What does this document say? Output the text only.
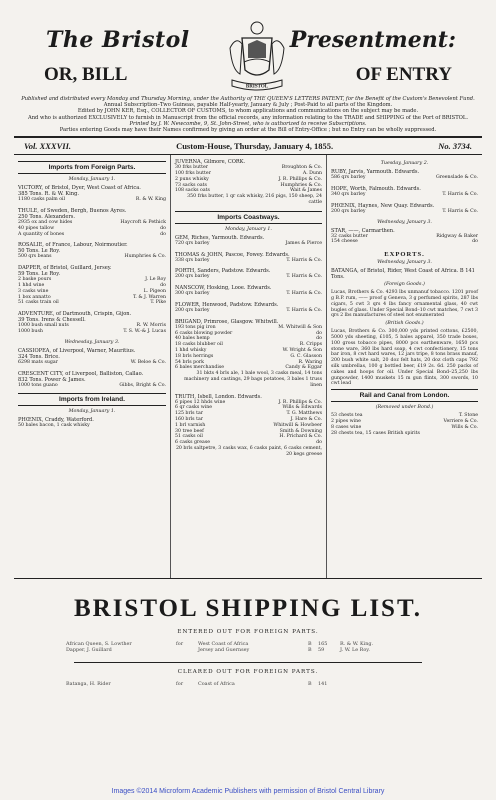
The Bristol	Presentment:
OR, BILL	OF ENTRY
BRISTOL
Published and distributed every Monday and Thursday Morning, under the Authority of THE QUEEN'S LETTERS PATENT, for the Benefit of the Custom's Benevolent Fund.
Annual Subscription–Two Guineas, payable Half-yearly, January & July ; Post-Paid to all parts of the Kingdom.
Edited by JOHN KER, Esq., COLLECTOR OF CUSTOMS, to whom applications and communications on the subject may be made.
And who is authorized EXCLUSIVELY to furnish in Manuscript from the official records, any information relating to the TRADE and SHIPPING of the Port of BRISTOL.
Printed by J. W. Newcombe, 9, St. John-Street, who is authorized to receive Subscriptions.
Parties entering Goods may have their Names confirmed by giving an order at the Bill of Entry-Office ; but no Entry can be wholly suppressed.
Vol. XXXVII.	Custom-House, Thursday, January 4, 1855.	No. 3734.
Imports from Foreign Parts.
Monday, January 1.
VICTORY, of Bristol, Dyer, West Coast of Africa.
385 Tons. R. & W. King.
1180 casks palm oil	R. & W. King
THULE, of Sweden, Bergh, Buenos Ayres.
250 Tons. Alexanders.
2935 ox and cow hides	Haycroft & Pethick
40 pipes tallow	do
A quantity of bones	do
ROSALIE, of France, Labour, Noirmoutier.
50 Tons. Le Roy.
500 qrs beans	Humphries & Co.
DAPPER, of Bristol, Guillard, Jersey.
59 Tons. Le Roy.
2 baske pours	J. Le Roy
1 hhd wine	do
3 casks wine	L. Pigeon
1 box annatto	T. & J. Warren
51 casks train oil	T. Pike
ADVENTURE, of Dartmouth, Crispin, Gijon.
39 Tons. Irens & Chessell.
1000 bush small nuts	R. W. Morris
1000 bush	T. S. W.-& J. Lucas
Wednesday, January 3.
CASSIOPEA, of Liverpool, Warner, Mauritius.
324 Tons. Brice.
6298 mats sugar	W. Beloe & Co.
CRESCENT CITY, of Liverpool, Balliston, Callao.
832 Tons. Power & James.
1000 tons guano	Gibbs, Bright & Co.
Imports from Ireland.
Monday, January 1.
PHŒNIX, Craddy, Waterford.
50 bales bacon, 1 cask whisky
JUVERNA, Gilmore, CORK.
30 frks butter	Broughton & Co.
100 frks butter	A. Dunn
2 puns whisky	J. R. Phillips & Co.
73 sacks oats	Humphries & Co.
108 sacks oats	Wait & James
350 frks butter, 1 qr cak whisky, 216 pigs, 150 sheep, 24 cattle
Imports Coastways.
Monday, January 1.
GEM, Riches, Yarmouth. Edwards.
720 qrs barley	James & Pierce
THOMAS & JOHN, Pascoe, Fowey. Edwards.
338 qrs barley	T. Harris & Co.
PORTH, Sanders, Padstow. Edwards.
200 qrs barley	T. Harris & Co.
NANSCOW, Hosking, Looe. Edwards.
300 qrs barley	T. Harris & Co.
FLOWER, Henwood, Padstow. Edwards.
200 qrs barley	T. Harris & Co.
BRIGAND, Primrose, Glasgow. Whitwill.
193 tons pig iron	M. Whitwill & Son
6 casks blowing powder	do
40 bales hemp	do
18 casks blubber oil	R. Cripps
1 hhd whisky	W. Wright & Son
18 brls herrings	G. C. Glasson
54 brls pork	R. Waring
6 bales merchandise	Candy & Eggar
31 bkts 4 brls ale, 1 bale wool, 3 casks meal, 14 tons machinery and castings, 29 bags potatoes, 3 bales 1 truss linen
TRUTH, Isbell, London. Edwards.
6 pipes 12 hhds wine	J. R. Phillips & Co.
6 qr casks wine	Wills & Edwards
125 brls tar	T. G. Matthews
160 brls tar	J. Hare & Co.
1 brl varnish	Whitwill & Howbeer
30 tree beef	Smith & Downing
51 casks oil	H. Prichard & Co.
6 casks grease	do
20 brls saltpetre, 3 casks wax, 6 casks paint, 6 casks cement, 20 kegs greese
Tuesday, January 2.
RUBY, Jarvis, Yarmouth. Edwards.
586 qrs barley	Greenslade & Co.
HOPE, Worth, Falmouth. Edwards.
340 qrs barley	T. Harris & Co.
PHŒNIX, Haynes, New Quay. Edwards.
200 qrs barley	T. Harris & Co.
Wednesday, January 3.
STAR, ——, Carmarthen.
32 casks butter	Ridgway & Baker
154 cheese	do
EXPORTS.
Wednesday, January 3.
BATANGA, of Bristol, Rider, West Coast of Africa. B 141 Tons.
(Foreign Goods.)
Lucas, Brothers & Co. 4293 lbs unmanuf tobacco. 1201 proof g B.P. rum, —— proof g Geneva, 3 g perfumed spirits, 287 lbs cigars, 5 cwt 3 qrs 4 lbs fancy ornamental glass, 40 cwt bugles of glass. Under Special Bond–10 cwt matches, 7 cwt 3 qrs 2 lbs manufactures of steel not enumerated
(British Goods.)
Lucas, Brothers & Co. 300,000 yds printed cottons, £2500, 5000 yds sheeting, £105, 5 bales apparel, 350 trade boxes, 100 gross tobacco pipes, 8000 pcs earthenware, 1650 pcs stone ware, 360 lbs hard soap, 4 cwt confectionery, 15 tons bar iron, 8 cwt hard wares, 12 jars tripe, 8 tons brass manuf, 200 bush white salt, 20 doz felt hats, 20 doz cloth caps 792 silk umbrellas, 100 g bottled beer, £19 2s. 6d. 250 packs of cakes and hoops for oil. Under Special Bond–25,250 lbs gunpowder, 1400 muskets 15 m gun flints, 300 swords, 10 cwt lead
Rail and Canal from London.
(Removed under Bond.)
53 chests tea	T. Stone
2 pipes wine	Verriere & Co.
8 cases wine	Wills & Co.
28 chests tea, 15 cases British spirits
BRISTOL SHIPPING LIST.
ENTERED OUT FOR FOREIGN PARTS.
African Queen, S. Lowther	for	West Coast of Africa	B	165	R. & W. King.
Dapper, J. Guillard	Jersey and Guernsey	B	59	J. W. Le Roy.
CLEARED OUT FOR FOREIGN PARTS.
Batanga, H. Rider	for	Coast of Africa	B	141
Images ©2014 Microform Academic Publishers with permission of Bristol Central Library
